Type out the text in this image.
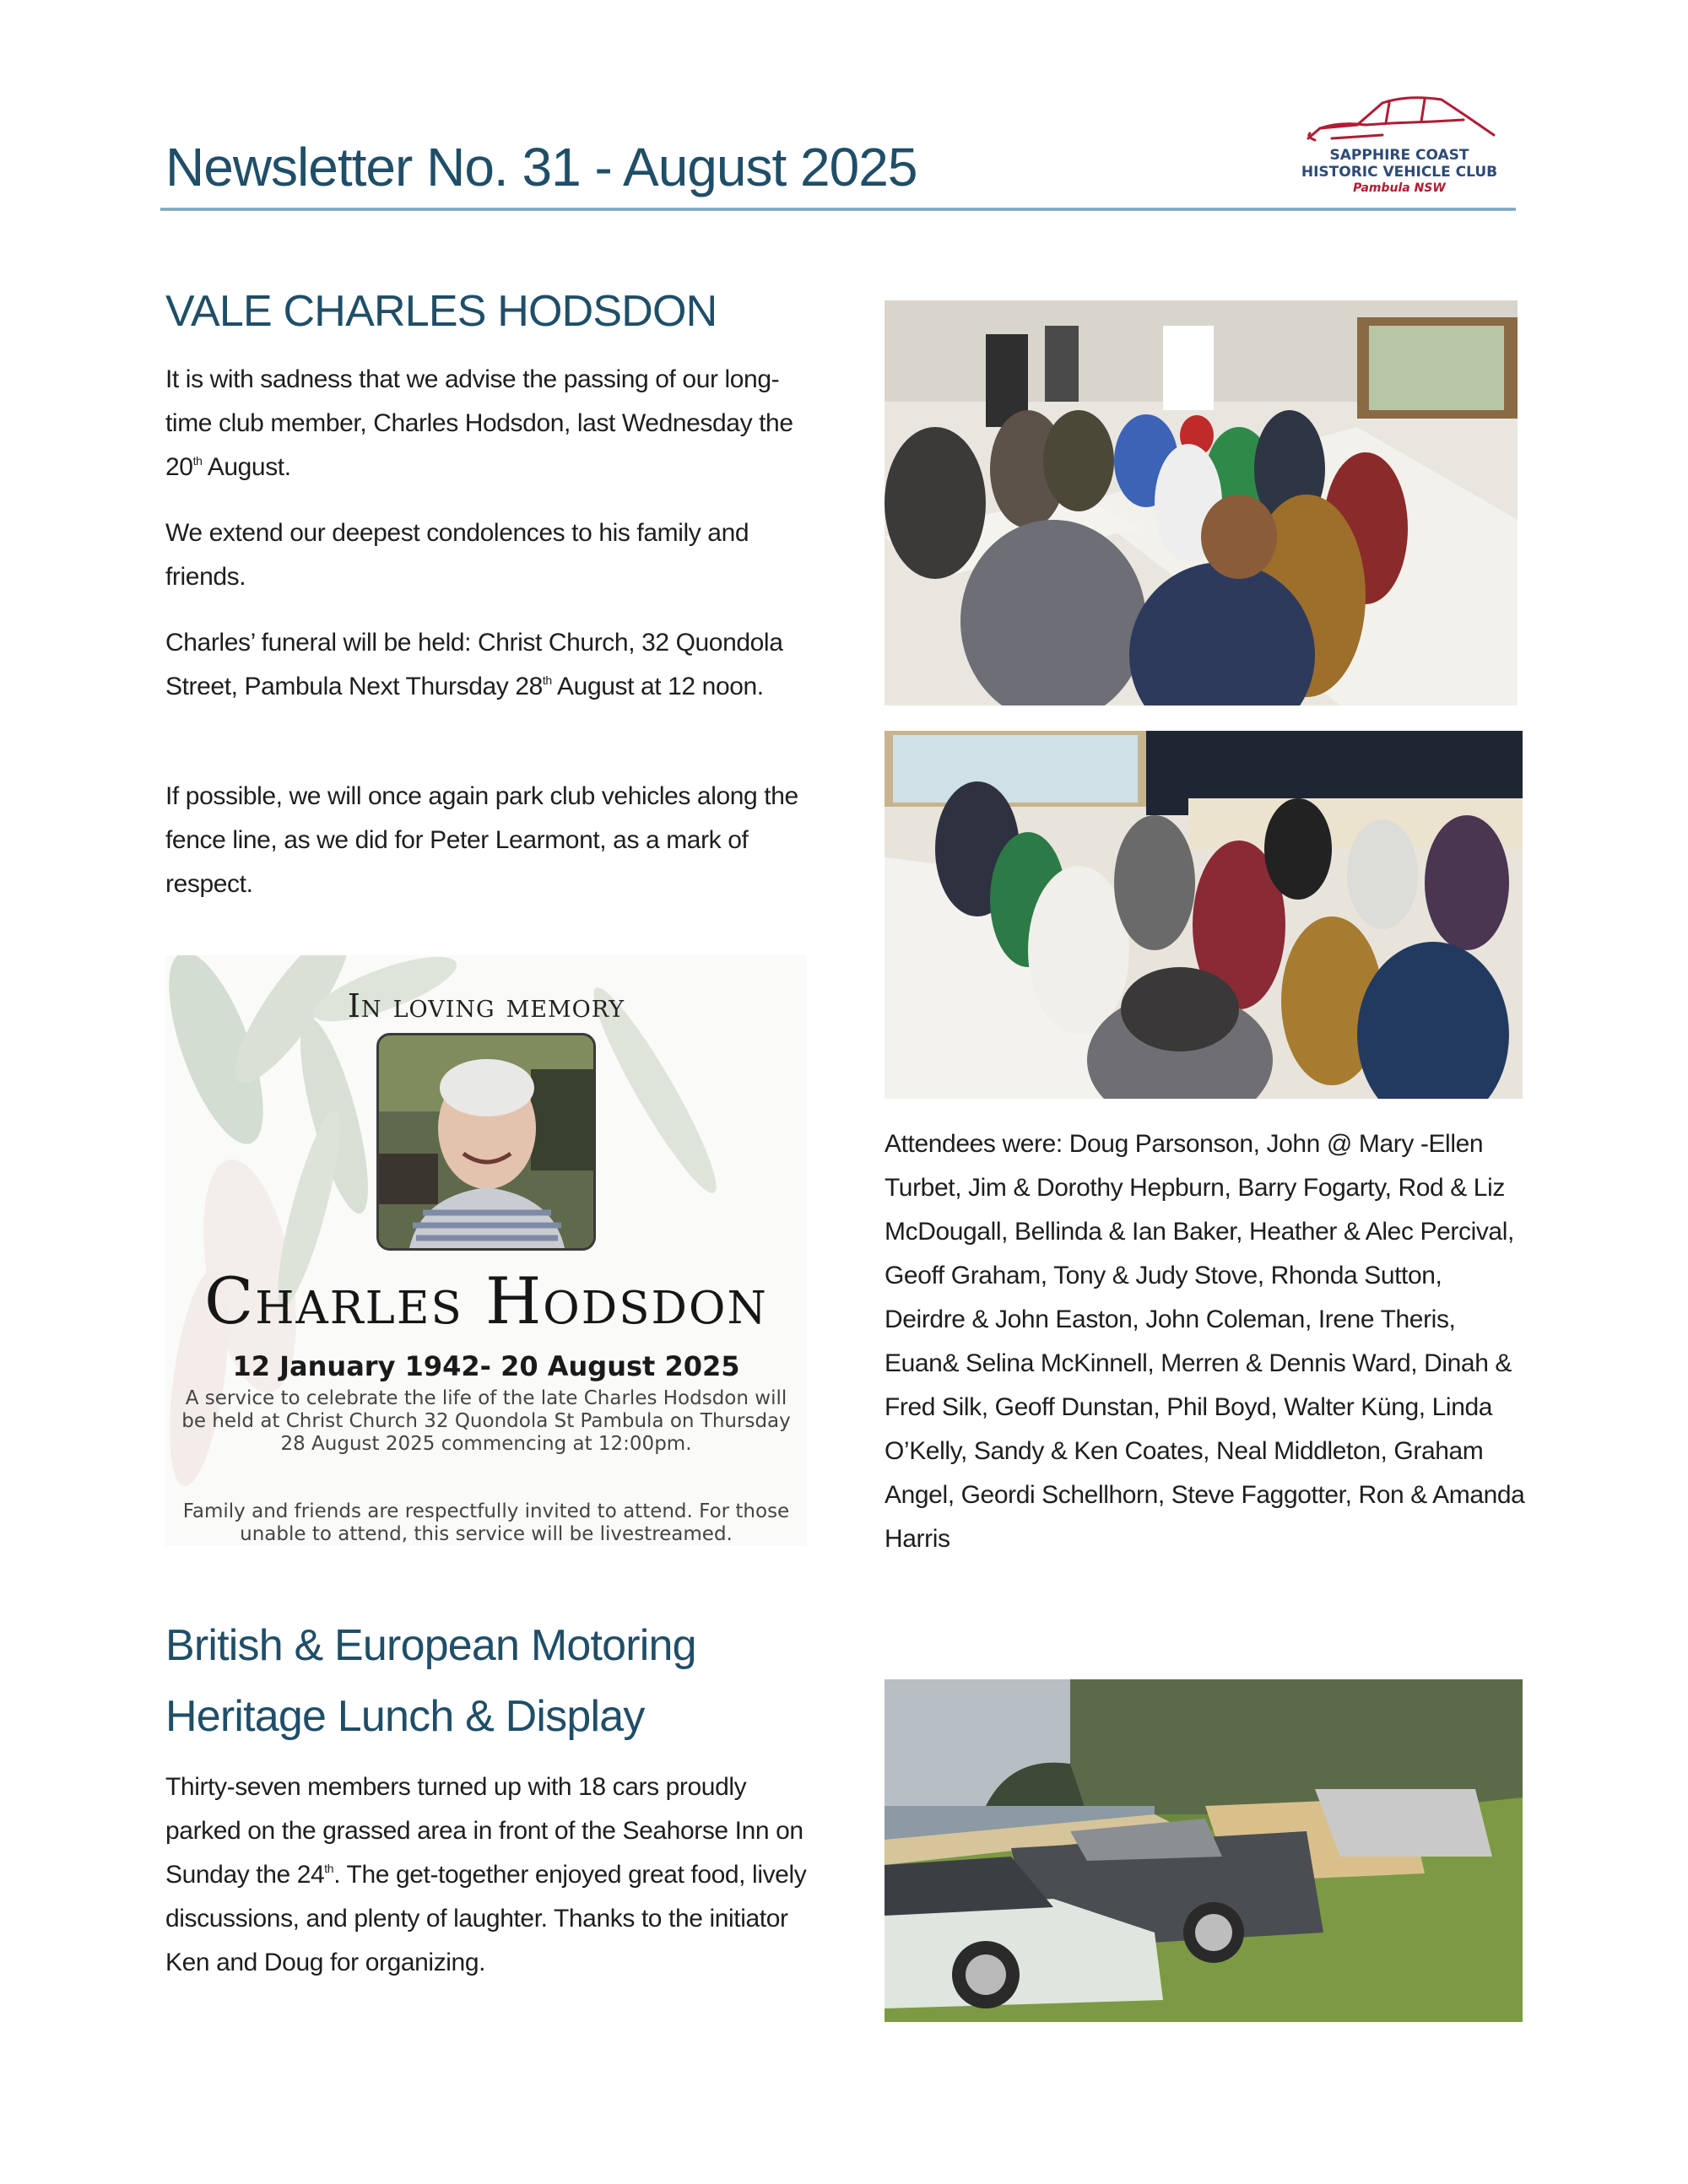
Newsletter No. 31 - August 2025	SAPPHIRE COAST
HISTORIC VEHICLE CLUB
Pambula NSW
VALE CHARLES HODSDON

It is with sadness that we advise the passing of our long-time club member, Charles Hodsdon, last Wednesday the 20th August.

We extend our deepest condolences to his family and friends.

Charles’ funeral will be held: Christ Church, 32 Quondola Street, Pambula Next Thursday 28th August at 12 noon.

If possible, we will once again park club vehicles along the fence line, as we did for Peter Learmont, as a mark of respect.

In loving memory
Charles Hodsdon
12 January 1942- 20 August 2025
A service to celebrate the life of the late Charles Hodsdon will be held at Christ Church 32 Quondola St Pambula on Thursday 28 August 2025 commencing at 12:00pm.
Family and friends are respectfully invited to attend. For those unable to attend, this service will be livestreamed.
British & European Motoring
Heritage Lunch & Display

Thirty-seven members turned up with 18 cars proudly parked on the grassed area in front of the Seahorse Inn on Sunday the 24th. The get-together enjoyed great food, lively discussions, and plenty of laughter. Thanks to the initiator Ken and Doug for organizing.

Attendees were: Doug Parsonson, John @ Mary -Ellen Turbet, Jim & Dorothy Hepburn, Barry Fogarty, Rod & Liz McDougall, Bellinda & Ian Baker, Heather & Alec Percival, Geoff Graham, Tony & Judy Stove, Rhonda Sutton, Deirdre & John Easton, John Coleman, Irene Theris, Euan& Selina McKinnell, Merren & Dennis Ward, Dinah & Fred Silk, Geoff Dunstan, Phil Boyd, Walter Küng, Linda O’Kelly, Sandy & Ken Coates, Neal Middleton, Graham Angel, Geordi Schellhorn, Steve Faggotter, Ron & Amanda Harris
